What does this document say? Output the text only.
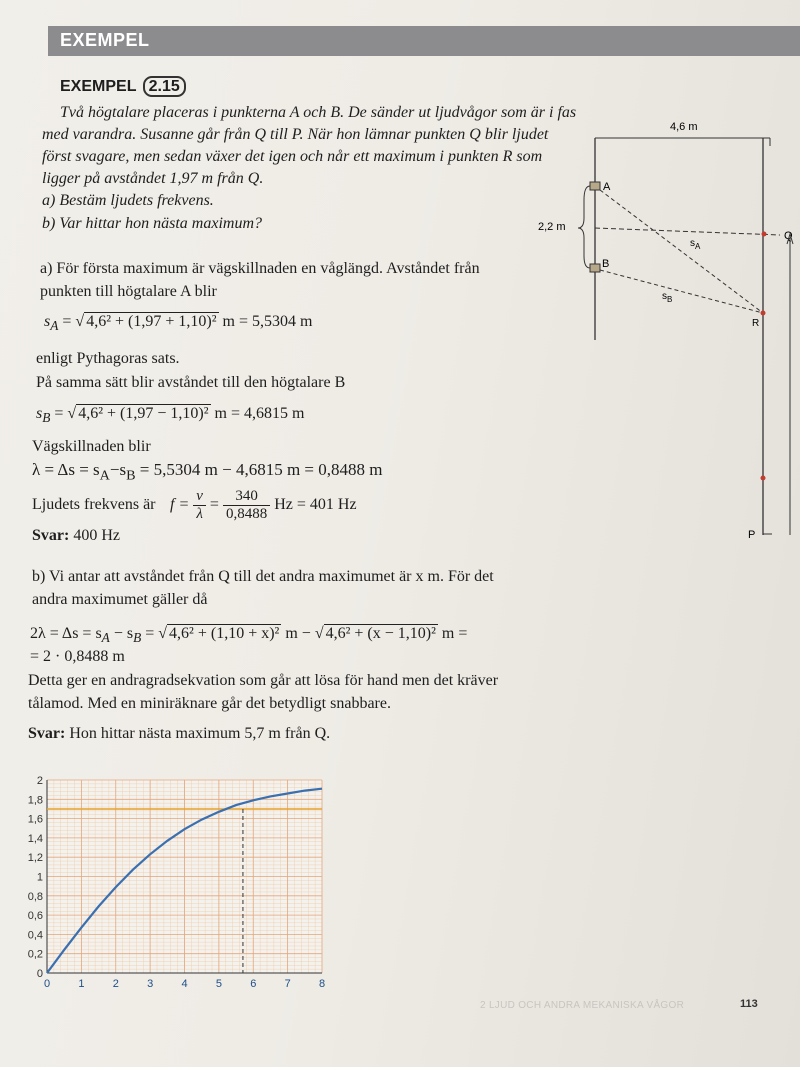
EXEMPEL
EXEMPEL 2.15
Två högtalare placeras i punkterna A och B. De sänder ut ljudvågor som är i fas
med varandra. Susanne går från Q till P. När hon lämnar punkten Q blir ljudet
först svagare, men sedan växer det igen och når ett maximum i punkten R som
ligger på avståndet 1,97 m från Q.
a) Bestäm ljudets frekvens.
b) Var hittar hon nästa maximum?
a) För första maximum är vägskillnaden en våglängd. Avståndet från
punkten till högtalare A blir
$s_A$ = √ 4,6² + (1,97 + 1,10)² m = 5,5304 m
enligt Pythagoras sats.
På samma sätt blir avståndet till den högtalare B
$s_B$ = √ 4,6² + (1,97 − 1,10)² m = 4,6815 m
Vägskillnaden blir
$\lambda = \Delta s = s_A-s_B = 5,5304$ m − 4,6815 m = 0,8488 m
Ljudets frekvens är $f = \frac{v}{\lambda} = \frac{340}{0,8488}$ Hz = 401 Hz
Svar: 400 Hz
b) Vi antar att avståndet från Q till det andra maximumet är x m. För det
andra maximumet gäller då
$2\lambda = \Delta s = s_A - s_B$ = √ 4,6² + (1,10 + x)² m − √ 4,6² + (x − 1,10)² m =
= 2 · 0,8488 m
Detta ger en andragradsekvation som går att lösa för hand men det kräver
tålamod. Med en miniräknare går det betydligt snabbare.
Svar: Hon hittar nästa maximum 5,7 m från Q.
4,6 m
2,2 m
A
B
Q
$s_A$
$s_B$
R
P
0	1	2	3	4	5	6	7	8
0
0,2
0,4
0,6
0,8
1
1,2
1,4
1,6
1,8
2
2 LJUD OCH ANDRA MEKANISKA VÅGOR	113
